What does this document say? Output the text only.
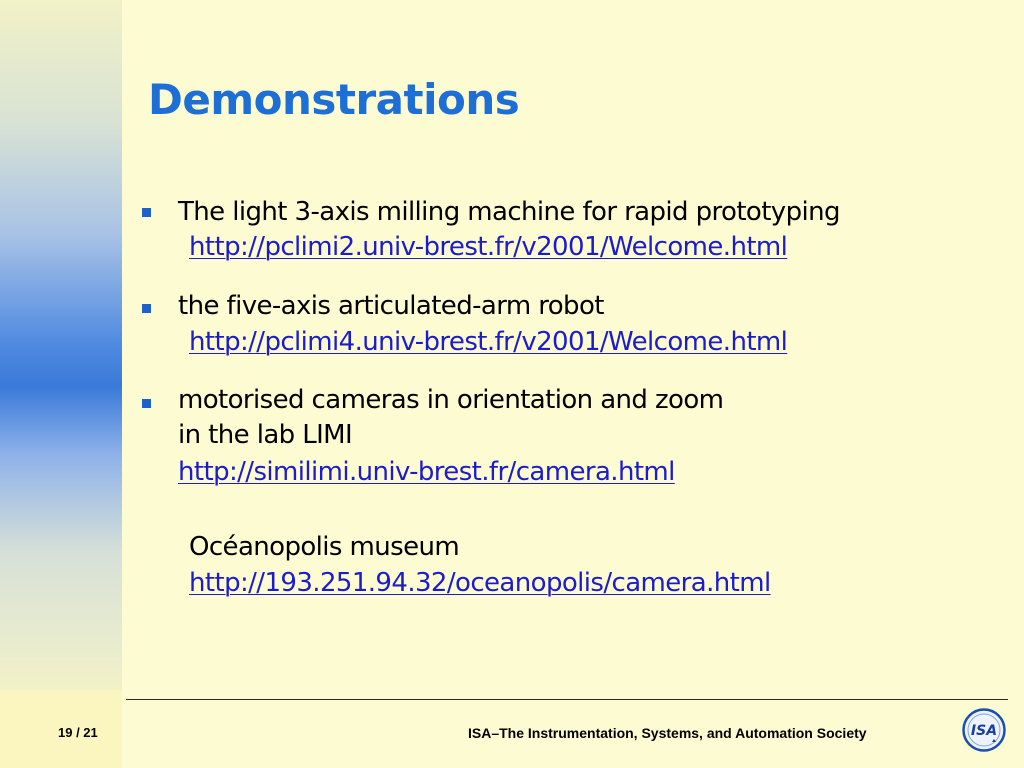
Demonstrations
The light 3-axis milling machine for rapid prototyping
http://pclimi2.univ-brest.fr/v2001/Welcome.html
the five-axis articulated-arm robot
http://pclimi4.univ-brest.fr/v2001/Welcome.html
motorised cameras in orientation and zoom
in the lab LIMI
http://similimi.univ-brest.fr/camera.html
Océanopolis museum
http://193.251.94.32/oceanopolis/camera.html
19 / 21	ISA–The Instrumentation, Systems, and Automation Society	ISA
